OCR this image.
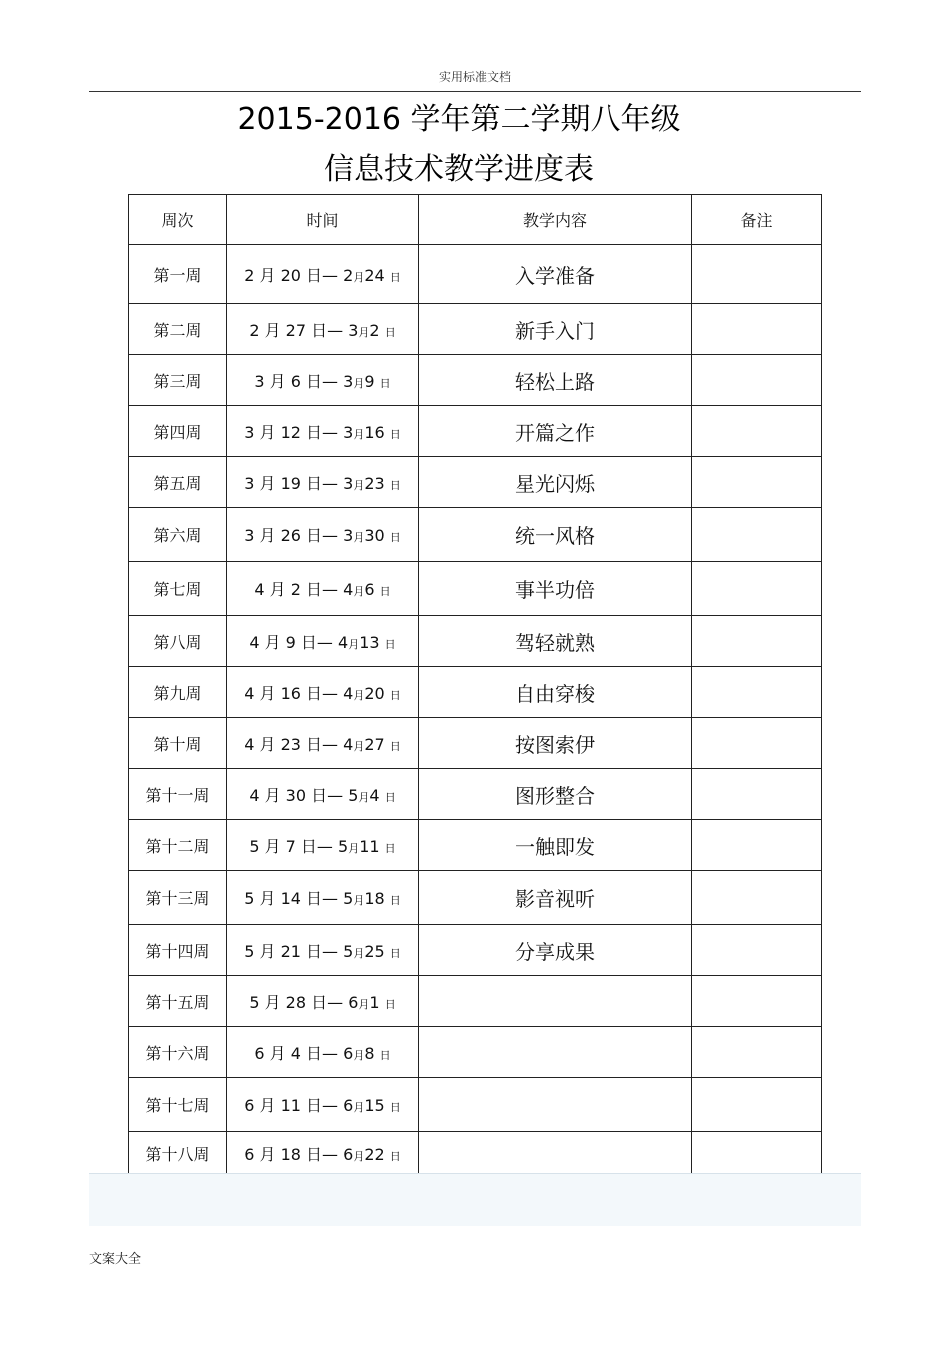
实用标准文档
2015-2016 学年第二学期八年级
信息技术教学进度表
周次	时间	教学内容	备注
第一周	2 月 20 日— 2月24 日	入学准备	
第二周	2 月 27 日— 3月2 日	新手入门	
第三周	3 月 6 日— 3月9 日	轻松上路	
第四周	3 月 12 日— 3月16 日	开篇之作	
第五周	3 月 19 日— 3月23 日	星光闪烁	
第六周	3 月 26 日— 3月30 日	统一风格	
第七周	4 月 2 日— 4月6 日	事半功倍	
第八周	4 月 9 日— 4月13 日	驾轻就熟	
第九周	4 月 16 日— 4月20 日	自由穿梭	
第十周	4 月 23 日— 4月27 日	按图索伊	
第十一周	4 月 30 日— 5月4 日	图形整合	
第十二周	5 月 7 日— 5月11 日	一触即发	
第十三周	5 月 14 日— 5月18 日	影音视听	
第十四周	5 月 21 日— 5月25 日	分享成果	
第十五周	5 月 28 日— 6月1 日		
第十六周	6 月 4 日— 6月8 日		
第十七周	6 月 11 日— 6月15 日		
第十八周	6 月 18 日— 6月22 日		
文案大全
